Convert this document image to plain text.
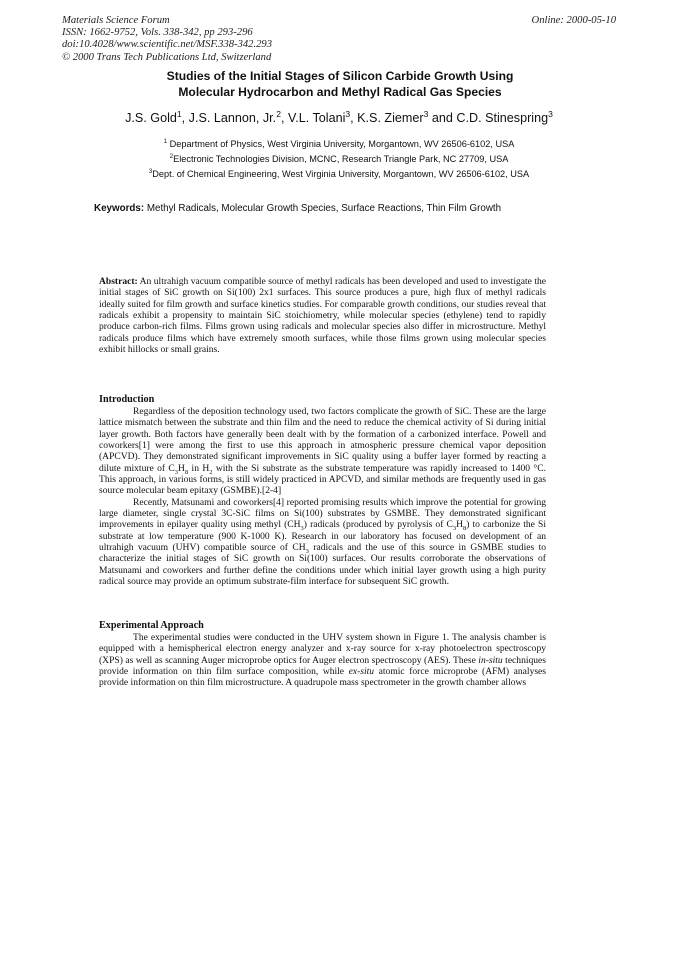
Materials Science Forum
ISSN: 1662-9752, Vols. 338-342, pp 293-296
doi:10.4028/www.scientific.net/MSF.338-342.293
© 2000 Trans Tech Publications Ltd, Switzerland
Online: 2000-05-10
Studies of the Initial Stages of Silicon Carbide Growth Using
Molecular Hydrocarbon and Methyl Radical Gas Species
J.S. Gold$^1$, J.S. Lannon, Jr.$^2$, V.L. Tolani$^3$, K.S. Ziemer$^3$ and C.D. Stinespring$^3$
$^1$ Department of Physics, West Virginia University, Morgantown, WV 26506-6102, USA
$^2$Electronic Technologies Division, MCNC, Research Triangle Park, NC 27709, USA
$^3$Dept. of Chemical Engineering, West Virginia University, Morgantown, WV 26506-6102, USA
Keywords: Methyl Radicals, Molecular Growth Species, Surface Reactions, Thin Film Growth
Abstract: An ultrahigh vacuum compatible source of methyl radicals has been developed and used to investigate the initial stages of SiC growth on Si(100) 2x1 surfaces. This source produces a pure, high flux of methyl radicals ideally suited for film growth and surface kinetics studies. For comparable growth conditions, our studies reveal that radicals exhibit a propensity to maintain SiC stoichiometry, while molecular species (ethylene) tend to rapidly produce carbon-rich films. Films grown using radicals and molecular species also differ in microstructure. Methyl radicals produce films which have extremely smooth surfaces, while those films grown using molecular species exhibit hillocks or small grains.
Introduction

Regardless of the deposition technology used, two factors complicate the growth of SiC. These are the large lattice mismatch between the substrate and thin film and the need to reduce the chemical activity of Si during initial layer growth. Both factors have generally been dealt with by the formation of a carbonized interface. Powell and coworkers[1] were among the first to use this approach in atmospheric pressure chemical vapor deposition (APCVD). They demonstrated significant improvements in SiC quality using a buffer layer formed by reacting a dilute mixture of $C_3H_8$ in $H_2$ with the Si substrate as the substrate temperature was rapidly increased to 1400 °C. This approach, in various forms, is still widely practiced in APCVD, and similar methods are frequently used in gas source molecular beam epitaxy (GSMBE).[2-4]

Recently, Matsunami and coworkers[4] reported promising results which improve the potential for growing large diameter, single crystal 3C-SiC films on Si(100) substrates by GSMBE. They demonstrated significant improvements in epilayer quality using methyl $(CH_3)$ radicals (produced by pyrolysis of $C_3H_8$) to carbonize the Si substrate at low temperature (900 K-1000 K). Research in our laboratory has focused on development of an ultrahigh vacuum (UHV) compatible source of $CH_3$ radicals and the use of this source in GSMBE studies to characterize the initial stages of SiC growth on Si(100) surfaces. Our results corroborate the observations of Matsunami and coworkers and further define the conditions under which initial layer growth using a high purity radical source may provide an optimum substrate-film interface for subsequent SiC growth.

Experimental Approach

The experimental studies were conducted in the UHV system shown in Figure 1. The analysis chamber is equipped with a hemispherical electron energy analyzer and x-ray source for x-ray photoelectron spectroscopy (XPS) as well as scanning Auger microprobe optics for Auger electron spectroscopy (AES). These in-situ techniques provide information on thin film surface composition, while ex-situ atomic force microprobe (AFM) analyses provide information on thin film microstructure. A quadrupole mass spectrometer in the growth chamber allows
